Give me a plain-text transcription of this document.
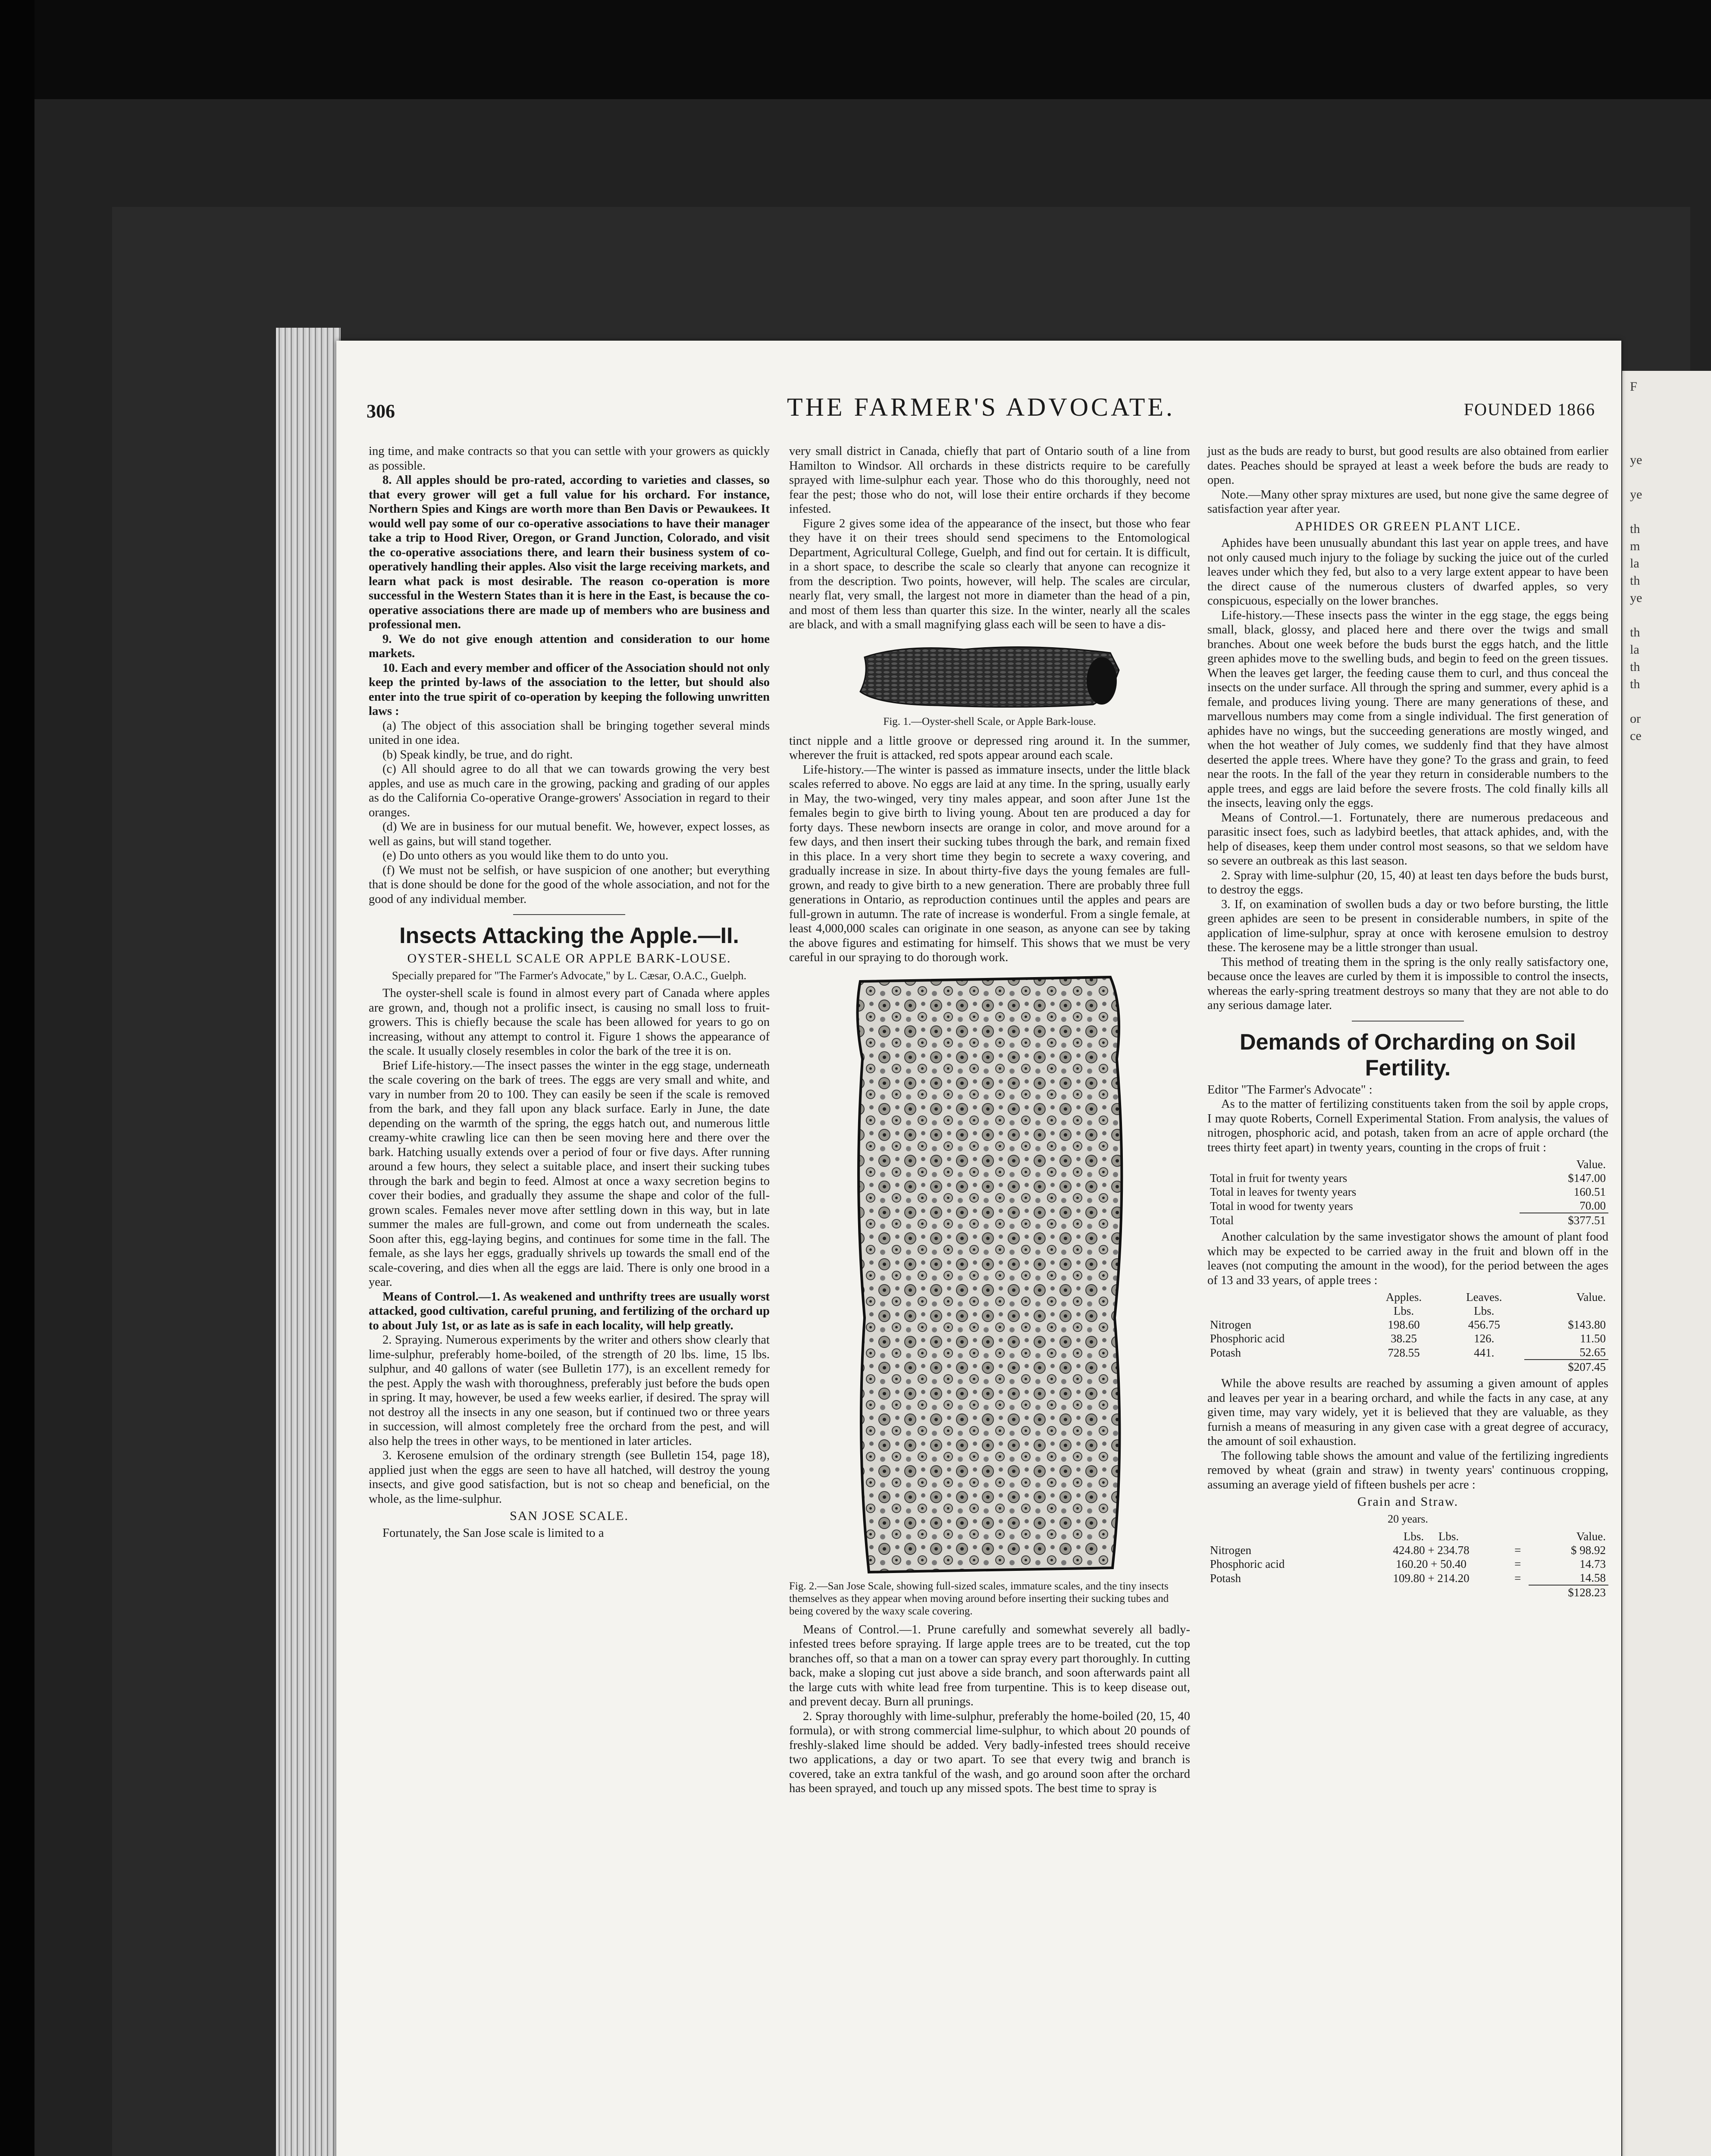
F
ye
ye
th
m
la
th
ye
th
la
th
th
or
ce
306	THE FARMER'S ADVOCATE.	FOUNDED 1866

ing time, and make contracts so that you can settle with your growers as quickly as possible.

8. All apples should be pro-rated, according to varieties and classes, so that every grower will get a full value for his orchard. For instance, Northern Spies and Kings are worth more than Ben Davis or Pewaukees. It would well pay some of our co-operative associations to have their manager take a trip to Hood River, Oregon, or Grand Junction, Colorado, and visit the co-operative associations there, and learn their business system of co-operatively handling their apples. Also visit the large receiving markets, and learn what pack is most desirable. The reason co-operation is more successful in the Western States than it is here in the East, is because the co-operative associations there are made up of members who are business and professional men.

9. We do not give enough attention and consideration to our home markets.

10. Each and every member and officer of the Association should not only keep the printed by-laws of the association to the letter, but should also enter into the true spirit of co-operation by keeping the following unwritten laws :

(a) The object of this association shall be bringing together several minds united in one idea.

(b) Speak kindly, be true, and do right.

(c) All should agree to do all that we can towards growing the very best apples, and use as much care in the growing, packing and grading of our apples as do the California Co-operative Orange-growers' Association in regard to their oranges.

(d) We are in business for our mutual benefit. We, however, expect losses, as well as gains, but will stand together.

(e) Do unto others as you would like them to do unto you.

(f) We must not be selfish, or have suspicion of one another; but everything that is done should be done for the good of the whole association, and not for the good of any individual member.

Insects Attacking the Apple.—II.
OYSTER-SHELL SCALE OR APPLE BARK-LOUSE.
Specially prepared for "The Farmer's Advocate," by L. Cæsar, O.A.C., Guelph.

The oyster-shell scale is found in almost every part of Canada where apples are grown, and, though not a prolific insect, is causing no small loss to fruit-growers. This is chiefly because the scale has been allowed for years to go on increasing, without any attempt to control it. Figure 1 shows the appearance of the scale. It usually closely resembles in color the bark of the tree it is on.

Brief Life-history.—The insect passes the winter in the egg stage, underneath the scale covering on the bark of trees. The eggs are very small and white, and vary in number from 20 to 100. They can easily be seen if the scale is removed from the bark, and they fall upon any black surface. Early in June, the date depending on the warmth of the spring, the eggs hatch out, and numerous little creamy-white crawling lice can then be seen moving here and there over the bark. Hatching usually extends over a period of four or five days. After running around a few hours, they select a suitable place, and insert their sucking tubes through the bark and begin to feed. Almost at once a waxy secretion begins to cover their bodies, and gradually they assume the shape and color of the full-grown scales. Females never move after settling down in this way, but in late summer the males are full-grown, and come out from underneath the scales. Soon after this, egg-laying begins, and continues for some time in the fall. The female, as she lays her eggs, gradually shrivels up towards the small end of the scale-covering, and dies when all the eggs are laid. There is only one brood in a year.

Means of Control.—1. As weakened and unthrifty trees are usually worst attacked, good cultivation, careful pruning, and fertilizing of the orchard up to about July 1st, or as late as is safe in each locality, will help greatly.

2. Spraying. Numerous experiments by the writer and others show clearly that lime-sulphur, preferably home-boiled, of the strength of 20 lbs. lime, 15 lbs. sulphur, and 40 gallons of water (see Bulletin 177), is an excellent remedy for the pest. Apply the wash with thoroughness, preferably just before the buds open in spring. It may, however, be used a few weeks earlier, if desired. The spray will not destroy all the insects in any one season, but if continued two or three years in succession, will almost completely free the orchard from the pest, and will also help the trees in other ways, to be mentioned in later articles.

3. Kerosene emulsion of the ordinary strength (see Bulletin 154, page 18), applied just when the eggs are seen to have all hatched, will destroy the young insects, and give good satisfaction, but is not so cheap and beneficial, on the whole, as the lime-sulphur.

SAN JOSE SCALE.

Fortunately, the San Jose scale is limited to a

very small district in Canada, chiefly that part of Ontario south of a line from Hamilton to Windsor. All orchards in these districts require to be carefully sprayed with lime-sulphur each year. Those who do this thoroughly, need not fear the pest; those who do not, will lose their entire orchards if they become infested.

Figure 2 gives some idea of the appearance of the insect, but those who fear they have it on their trees should send specimens to the Entomological Department, Agricultural College, Guelph, and find out for certain. It is difficult, in a short space, to describe the scale so clearly that anyone can recognize it from the description. Two points, however, will help. The scales are circular, nearly flat, very small, the largest not more in diameter than the head of a pin, and most of them less than quarter this size. In the winter, nearly all the scales are black, and with a small magnifying glass each will be seen to have a dis-

Fig. 1.—Oyster-shell Scale, or Apple Bark-louse.

tinct nipple and a little groove or depressed ring around it. In the summer, wherever the fruit is attacked, red spots appear around each scale.

Life-history.—The winter is passed as immature insects, under the little black scales referred to above. No eggs are laid at any time. In the spring, usually early in May, the two-winged, very tiny males appear, and soon after June 1st the females begin to give birth to living young. About ten are produced a day for forty days. These newborn insects are orange in color, and move around for a few days, and then insert their sucking tubes through the bark, and remain fixed in this place. In a very short time they begin to secrete a waxy covering, and gradually increase in size. In about thirty-five days the young females are full-grown, and ready to give birth to a new generation. There are probably three full generations in Ontario, as reproduction continues until the apples and pears are full-grown in autumn. The rate of increase is wonderful. From a single female, at least 4,000,000 scales can originate in one season, as anyone can see by taking the above figures and estimating for himself. This shows that we must be very careful in our spraying to do thorough work.

Fig. 2.—San Jose Scale, showing full-sized scales, immature scales, and the tiny insects themselves as they appear when moving around before inserting their sucking tubes and being covered by the waxy scale covering.

Means of Control.—1. Prune carefully and somewhat severely all badly-infested trees before spraying. If large apple trees are to be treated, cut the top branches off, so that a man on a tower can spray every part thoroughly. In cutting back, make a sloping cut just above a side branch, and soon afterwards paint all the large cuts with white lead free from turpentine. This is to keep disease out, and prevent decay. Burn all prunings.

2. Spray thoroughly with lime-sulphur, preferably the home-boiled (20, 15, 40 formula), or with strong commercial lime-sulphur, to which about 20 pounds of freshly-slaked lime should be added. Very badly-infested trees should receive two applications, a day or two apart. To see that every twig and branch is covered, take an extra tankful of the wash, and go around soon after the orchard has been sprayed, and touch up any missed spots. The best time to spray is

just as the buds are ready to burst, but good results are also obtained from earlier dates. Peaches should be sprayed at least a week before the buds are ready to open.

Note.—Many other spray mixtures are used, but none give the same degree of satisfaction year after year.

APHIDES OR GREEN PLANT LICE.

Aphides have been unusually abundant this last year on apple trees, and have not only caused much injury to the foliage by sucking the juice out of the curled leaves under which they fed, but also to a very large extent appear to have been the direct cause of the numerous clusters of dwarfed apples, so very conspicuous, especially on the lower branches.

Life-history.—These insects pass the winter in the egg stage, the eggs being small, black, glossy, and placed here and there over the twigs and small branches. About one week before the buds burst the eggs hatch, and the little green aphides move to the swelling buds, and begin to feed on the green tissues. When the leaves get larger, the feeding cause them to curl, and thus conceal the insects on the under surface. All through the spring and summer, every aphid is a female, and produces living young. There are many generations of these, and marvellous numbers may come from a single individual. The first generation of aphides have no wings, but the succeeding generations are mostly winged, and when the hot weather of July comes, we suddenly find that they have almost deserted the apple trees. Where have they gone? To the grass and grain, to feed near the roots. In the fall of the year they return in considerable numbers to the apple trees, and eggs are laid before the severe frosts. The cold finally kills all the insects, leaving only the eggs.

Means of Control.—1. Fortunately, there are numerous predaceous and parasitic insect foes, such as ladybird beetles, that attack aphides, and, with the help of diseases, keep them under control most seasons, so that we seldom have so severe an outbreak as this last season.

2. Spray with lime-sulphur (20, 15, 40) at least ten days before the buds burst, to destroy the eggs.

3. If, on examination of swollen buds a day or two before bursting, the little green aphides are seen to be present in considerable numbers, in spite of the application of lime-sulphur, spray at once with kerosene emulsion to destroy these. The kerosene may be a little stronger than usual.

This method of treating them in the spring is the only really satisfactory one, because once the leaves are curled by them it is impossible to control the insects, whereas the early-spring treatment destroys so many that they are not able to do any serious damage later.

Demands of Orcharding on Soil Fertility.

Editor "The Farmer's Advocate" :

As to the matter of fertilizing constituents taken from the soil by apple crops, I may quote Roberts, Cornell Experimental Station. From analysis, the values of nitrogen, phosphoric acid, and potash, taken from an acre of apple orchard (the trees thirty feet apart) in twenty years, counting in the crops of fruit :

	Value.
Total in fruit for twenty years	$147.00
Total in leaves for twenty years	160.51
Total in wood for twenty years	70.00
Total	$377.51

Another calculation by the same investigator shows the amount of plant food which may be expected to be carried away in the fruit and blown off in the leaves (not computing the amount in the wood), for the period between the ages of 13 and 33 years, of apple trees :

	Apples.	Leaves.	Value.
	Lbs.	Lbs.	
Nitrogen	198.60	456.75	$143.80
Phosphoric acid	38.25	126.	11.50
Potash	728.55	441.	52.65
			$207.45

While the above results are reached by assuming a given amount of apples and leaves per year in a bearing orchard, and while the facts in any case, at any given time, may vary widely, yet it is believed that they are valuable, as they furnish a means of measuring in any given case with a great degree of accuracy, the amount of soil exhaustion.

The following table shows the amount and value of the fertilizing ingredients removed by wheat (grain and straw) in twenty years' continuous cropping, assuming an average yield of fifteen bushels per acre :

Grain and Straw.
20 years.
	Lbs. Lbs.		Value.
Nitrogen	424.80 + 234.78	=	$ 98.92
Phosphoric acid	160.20 + 50.40	=	14.73
Potash	109.80 + 214.20	=	14.58
			$128.23
